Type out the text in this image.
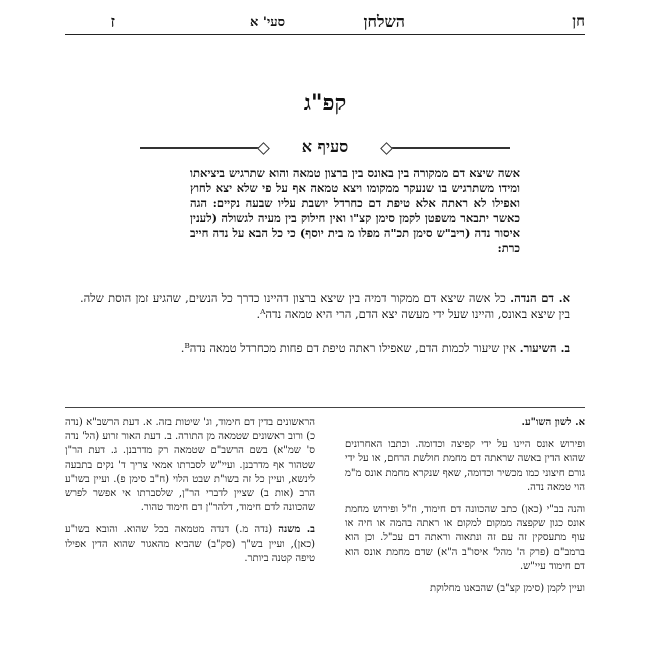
חן
סעי' א	השלחן
ז
קפ"ג
סעיף א

אשה שיצא דם ממקורה בין באונס בין ברצון טמאה והוא שתרגיש ביציאתו ומידו משתרגיש בו שנעקר ממקומו ויצא טמאה אף על פי שלא יצא לחוץ ואפילו לא ראתה אלא טיפת דם כחרדל יושבת עליו שבעה נקיים: הגה כאשר יתבאר משפטן לקמן סימן קצ"ו ואין חילוק בין מעיה לגשולה (לענין איסור נדה (ריב"ש סימן תכ"ה מפלו מ בית יוסף) כי כל הבא על נדה חייב כרת:

א. דם הנדה. כל אשה שיצא דם ממקור דמיה בין שיצא ברצון דהיינו כדרך כל הנשים, שהגיע זמן הוסת שלה. בין שיצא באונס, והיינו שעל ידי מעשה יצא הדם, הרי היא טמאה נדהᴬ.

ב. השיעור. אין שיעור לכמות הדם, שאפילו ראתה טיפת דם פחות מכחרדל טמאה נדהᴮ.

א. לשון השו"ע.

ופירוש אונס היינו על ידי קפיצה וכדומה. וכתבו האחרונים שהוא הדין באשה שראתה דם מחמת חולשת הרחם, או על ידי גורם חיצוני כמו מכשיר וכדומה, שאף שנקרא מחמת אונס מ"מ הוי טמאה נדה.

והנה בב"י (כאן) כתב שהכוונה דם חימוד, וז"ל ופירוש מחמת אונס כגון שקפצה ממקום למקום או ראתה בהמה או חיה או עוף מתעסקין זה עם זה ונתאוה וראתה דם עכ"ל. וכן הוא ברמב"ם (פרק ה' מהל' איסו"ב ה"א) שדם מחמת אונס הוא דם חימוד עיי"ש.

ועיין לקמן (סימן קצ"ב) שהבאנו מחלוקת

הראשונים בדין דם חימוד, וג' שיטות בזה. א. דעת הרשב"א (נדה כ) ורוב ראשונים שטמאה מן התורה. ב. דעת האור זרוע (הל' נדה ס' שמ"א) בשם הרשב"ם שטמאה רק מדרבנן. ג. דעת הר"ן שטהור אף מדרבנן. ועיי"ש לסברתו אמאי צריך ד' נקים בתבעה לינשא, ועיין כל זה בשו"ת שבט הלוי (ח"ב סימן פ). ועיין בשו"ע הרב (אות ב) שציין לדברי הר"ן, שלסברתו אי אפשר לפרש שהכוונה לדם חימוד, דלהר"ן דם חימוד טהור.

ב. משנה (נדה מ.) דנדה מטמאה בכל שהוא. והובא בשו"ע (כאן), ועיין בש"ך (סק"ב) שהביא מהאגור שהוא הדין אפילו טיפה קטנה ביותר.
